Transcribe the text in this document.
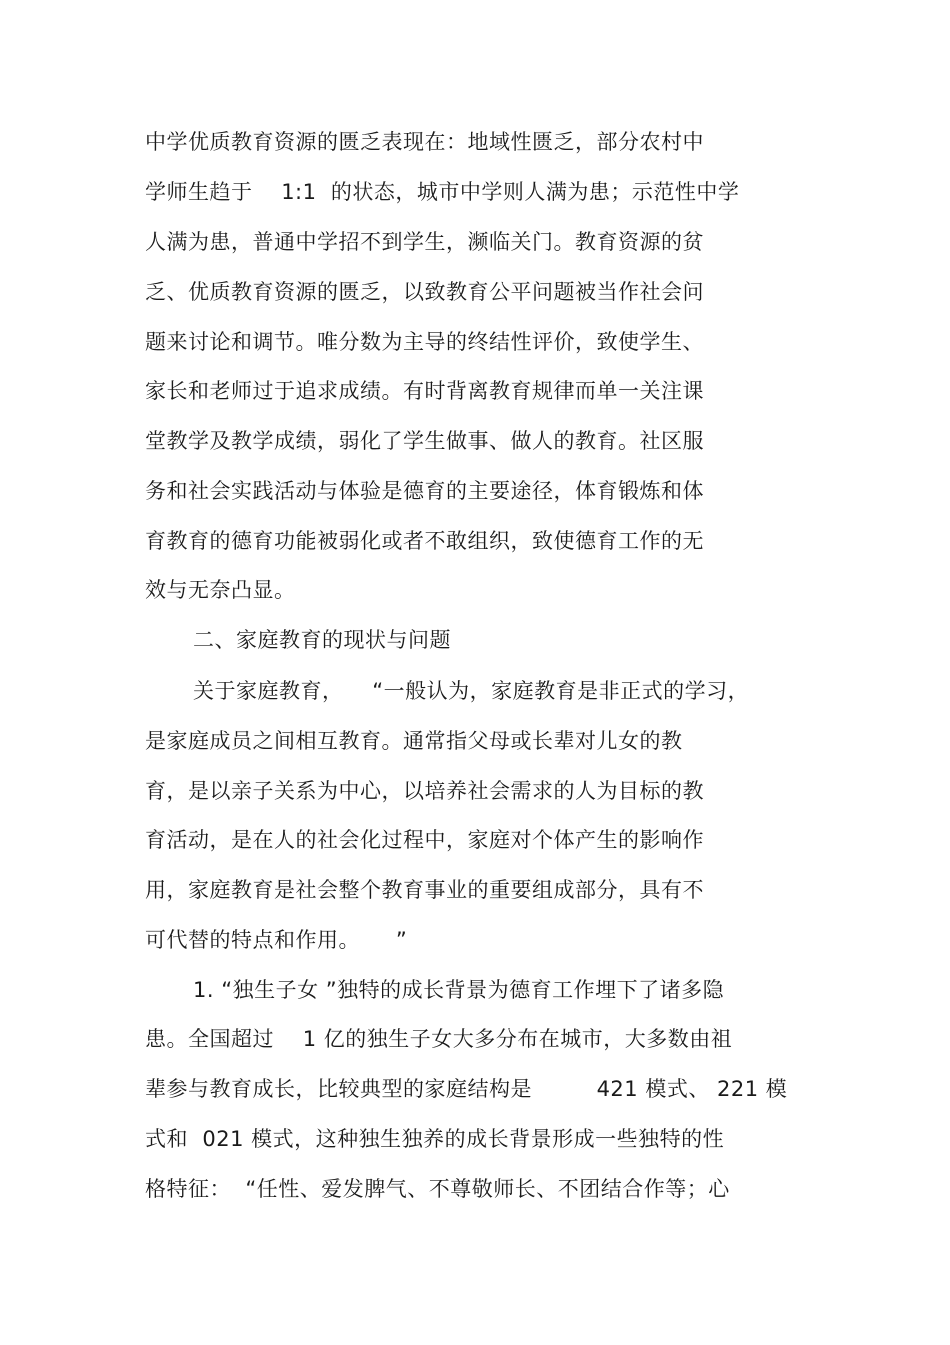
中学优质教育资源的匮乏表现在：地域性匮乏，部分农村中
学师生趋于    1:1  的状态，城市中学则人满为患；示范性中学
人满为患，普通中学招不到学生，濒临关门。教育资源的贫
乏、优质教育资源的匮乏，以致教育公平问题被当作社会问
题来讨论和调节。唯分数为主导的终结性评价，致使学生、
家长和老师过于追求成绩。有时背离教育规律而单一关注课
堂教学及教学成绩，弱化了学生做事、做人的教育。社区服
务和社会实践活动与体验是德育的主要途径，体育锻炼和体
育教育的德育功能被弱化或者不敢组织，致使德育工作的无
效与无奈凸显。
二、家庭教育的现状与问题
关于家庭教育，    “一般认为，家庭教育是非正式的学习，
是家庭成员之间相互教育。通常指父母或长辈对儿女的教
育，是以亲子关系为中心，以培养社会需求的人为目标的教
育活动，是在人的社会化过程中，家庭对个体产生的影响作
用，家庭教育是社会整个教育事业的重要组成部分，具有不
可代替的特点和作用。     ”
1. “独生子女 ”独特的成长背景为德育工作埋下了诸多隐
患。全国超过    1 亿的独生子女大多分布在城市，大多数由祖
辈参与教育成长，比较典型的家庭结构是         421 模式、 221 模
式和  021 模式，这种独生独养的成长背景形成一些独特的性
格特征：  “任性、爱发脾气、不尊敬师长、不团结合作等；心
